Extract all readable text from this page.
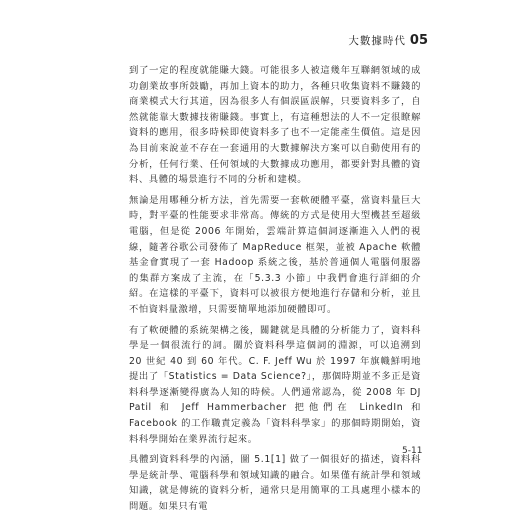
大數據時代 05

到了一定的程度就能賺大錢。可能很多人被這幾年互聯網領域的成功創業故事所鼓勵，再加上資本的助力，各種只收集資料不賺錢的商業模式大行其道，因為很多人有個誤區誤解，只要資料多了，自然就能靠大數據技術賺錢。事實上，有這種想法的人不一定很瞭解資料的應用，很多時候即使資料多了也不一定能產生價值。這是因為目前來說並不存在一套通用的大數據解決方案可以自動使用有的分析，任何行業、任何領域的大數據成功應用，都要針對具體的資料、具體的場景進行不同的分析和建模。

無論是用哪種分析方法，首先需要一套軟硬體平臺，當資料量巨大時，對平臺的性能要求非常高。傳統的方式是使用大型機甚至超級電腦，但是從 2006 年開始，雲端計算這個詞逐漸進入人們的視線，隨著谷歌公司發佈了 MapReduce 框架，並被 Apache 軟體基金會實現了一套 Hadoop 系統之後，基於普通個人電腦伺服器的集群方案成了主流，在「5.3.3 小節」中我們會進行詳細的介紹。在這樣的平臺下，資料可以被很方便地進行存儲和分析，並且不怕資料量激增，只需要簡單地添加硬體即可。

有了軟硬體的系統架構之後，關鍵就是具體的分析能力了，資料科學是一個很流行的詞。關於資料科學這個詞的淵源，可以追溯到 20 世紀 40 到 60 年代。C. F. Jeff Wu 於 1997 年旗幟鮮明地提出了「Statistics = Data Science?」，那個時期並不多正是資料科學逐漸變得廣為人知的時候。人們通常認為，從 2008 年 DJ Patil 和 Jeff Hammerbacher 把他們在 LinkedIn 和 Facebook 的工作職責定義為「資料科學家」的那個時期開始，資料科學開始在業界流行起來。

具體到資料科學的內涵，圖 5.1[1] 做了一個很好的描述，資料科學是統計學、電腦科學和領域知識的融合。如果僅有統計學和領域知識，就是傳統的資料分析，通常只是用簡單的工具處理小樣本的問題。如果只有電

5-11
